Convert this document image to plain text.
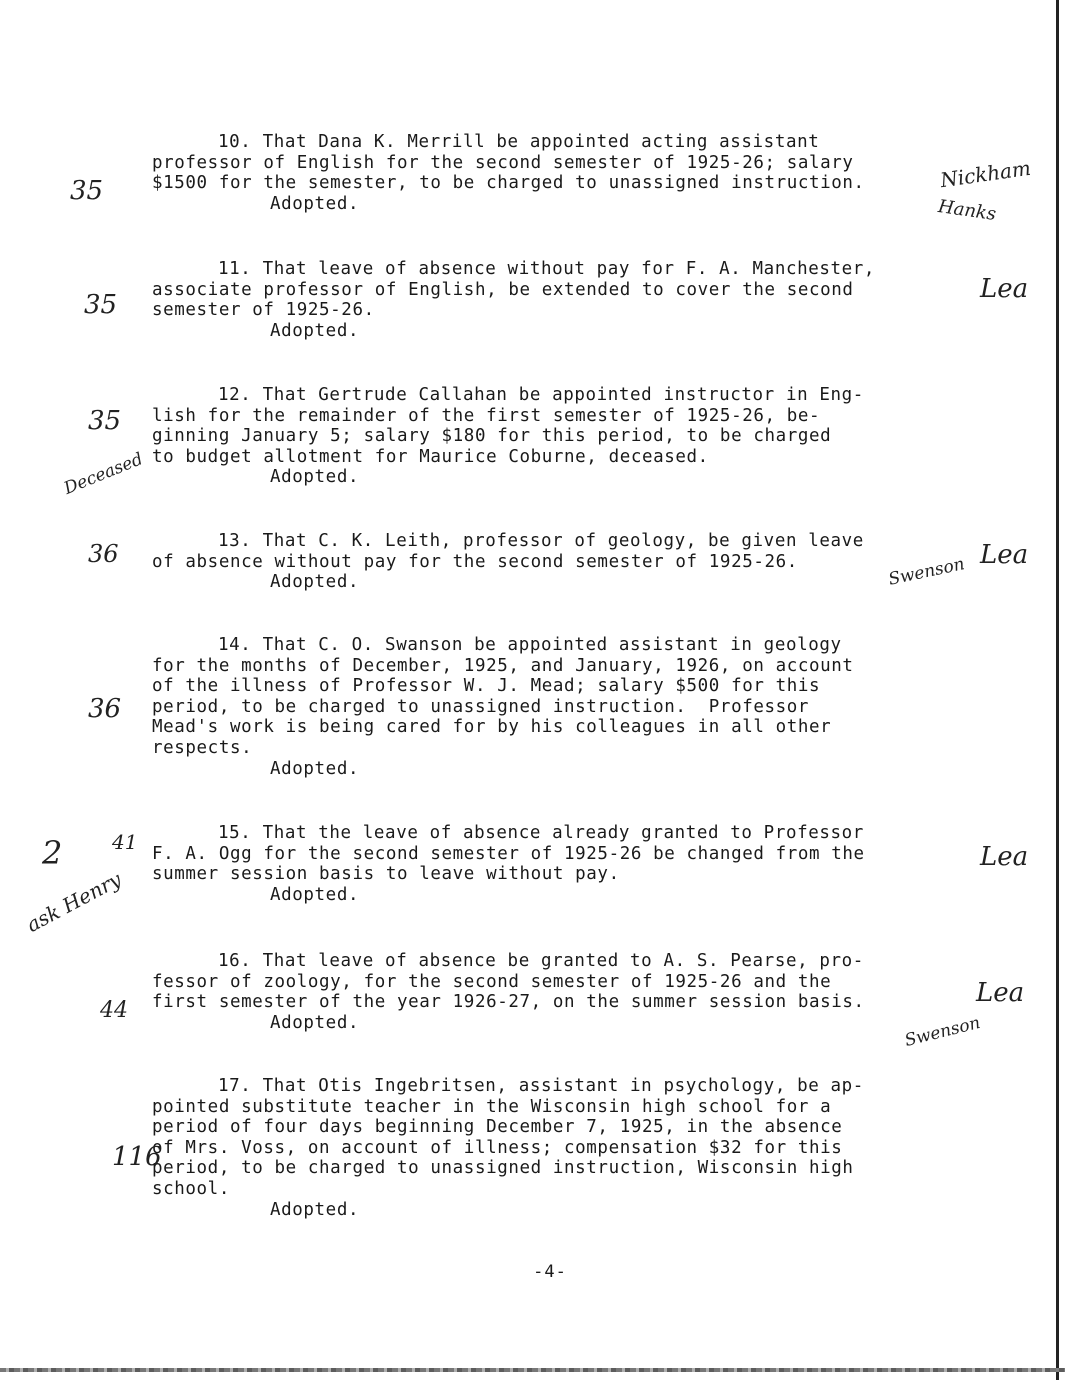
10. That Dana K. Merrill be appointed acting assistant
professor of English for the second semester of 1925-26; salary
$1500 for the semester, to be charged to unassigned instruction.

Adopted.

11. That leave of absence without pay for F. A. Manchester,
associate professor of English, be extended to cover the second
semester of 1925-26.

Adopted.

12. That Gertrude Callahan be appointed instructor in Eng-
lish for the remainder of the first semester of 1925-26, be-
ginning January 5; salary $180 for this period, to be charged
to budget allotment for Maurice Coburne, deceased.

Adopted.

13. That C. K. Leith, professor of geology, be given leave
of absence without pay for the second semester of 1925-26.

Adopted.

14. That C. O. Swanson be appointed assistant in geology
for the months of December, 1925, and January, 1926, on account
of the illness of Professor W. J. Mead; salary $500 for this
period, to be charged to unassigned instruction.  Professor
Mead's work is being cared for by his colleagues in all other
respects.

Adopted.

15. That the leave of absence already granted to Professor
F. A. Ogg for the second semester of 1925-26 be changed from the
summer session basis to leave without pay.

Adopted.

16. That leave of absence be granted to A. S. Pearse, pro-
fessor of zoology, for the second semester of 1925-26 and the
first semester of the year 1926-27, on the summer session basis.

Adopted.

17. That Otis Ingebritsen, assistant in psychology, be ap-
pointed substitute teacher in the Wisconsin high school for a
period of four days beginning December 7, 1925, in the absence
of Mrs. Voss, on account of illness; compensation $32 for this
period, to be charged to unassigned instruction, Wisconsin high
school.

Adopted.

35	Nickham
Hanks
35
Lea
35
Deceased
36
Swenson Lea
36
2 41
ask Henry
Lea
44
Lea
Swenson
116
-4-
